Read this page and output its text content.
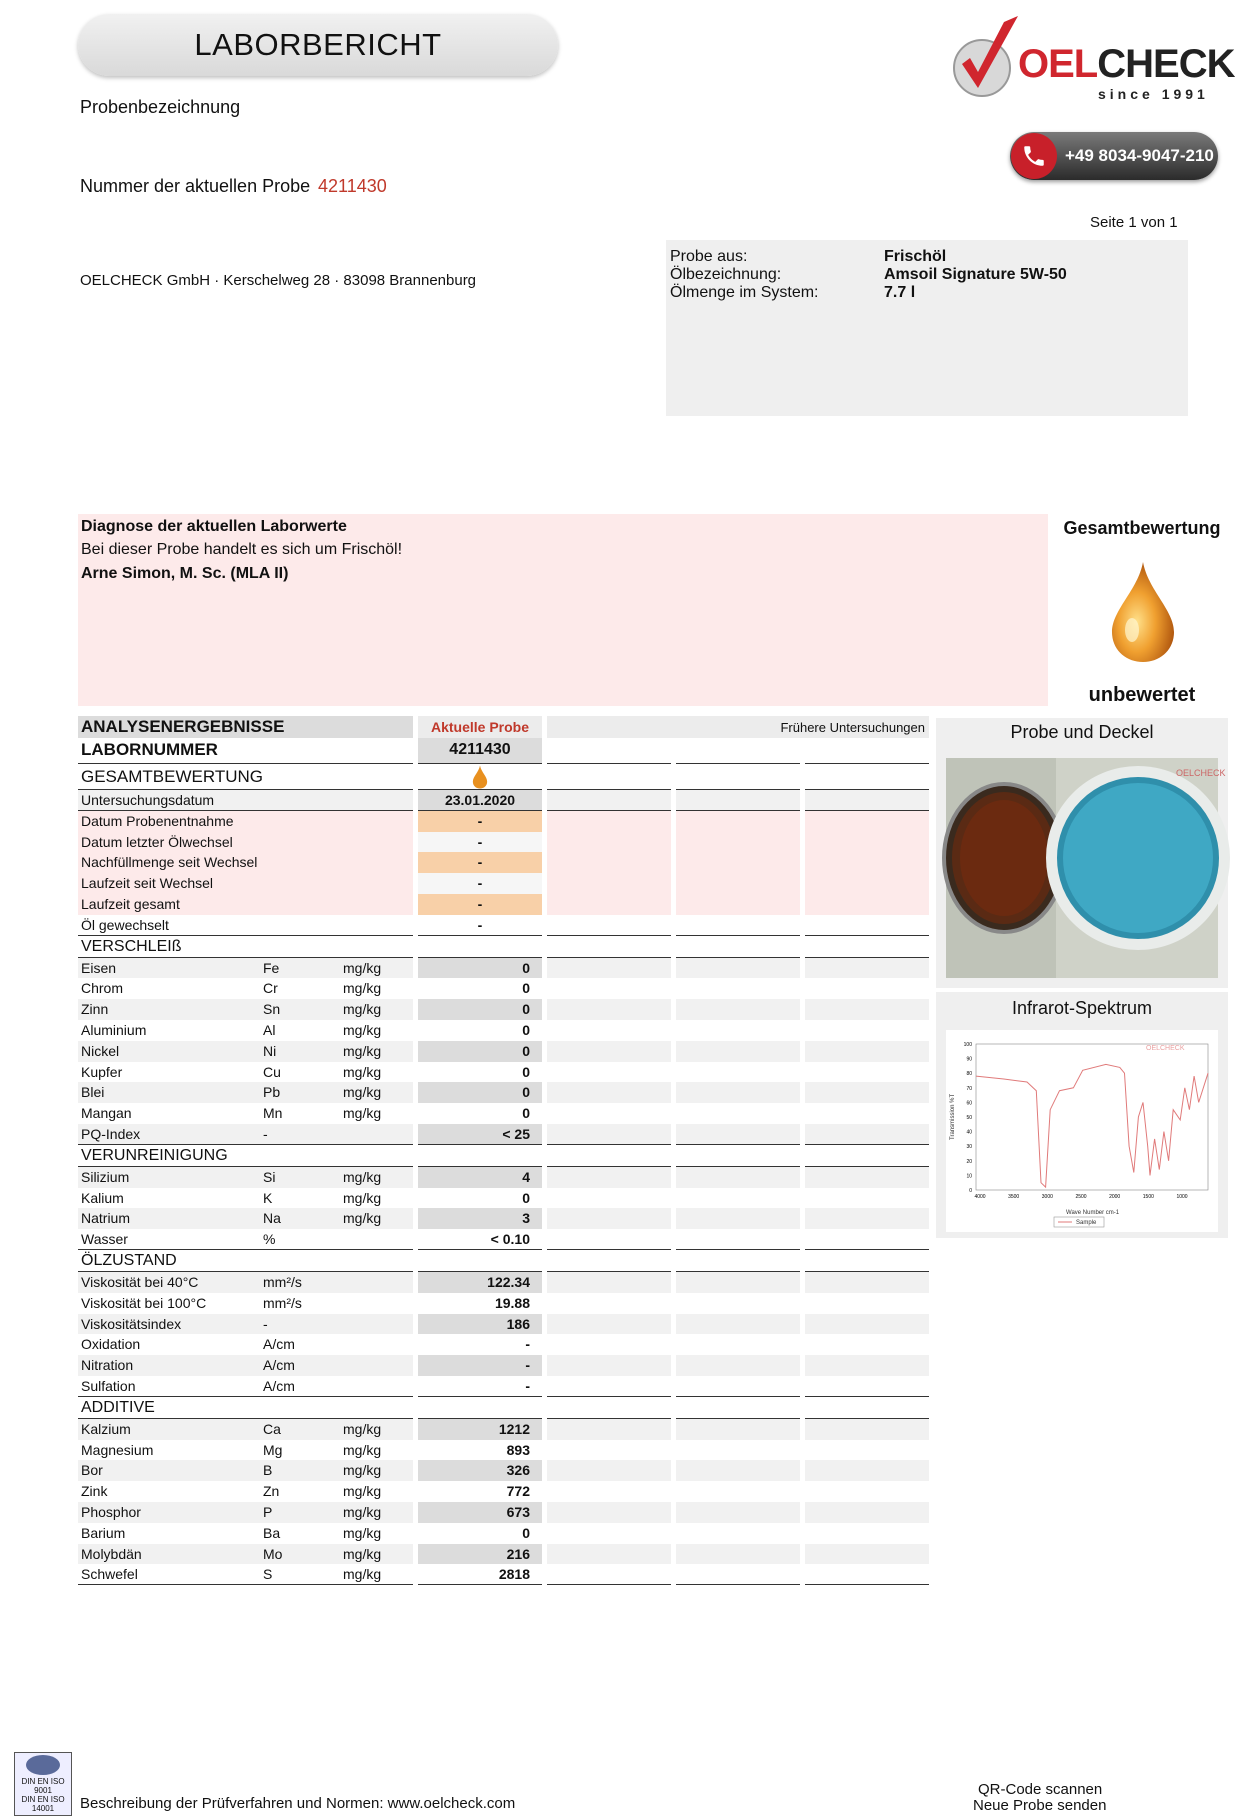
LABORBERICHT
Probenbezeichnung
Nummer der aktuellen Probe 4211430
OELCHECK GmbH · Kerschelweg 28 · 83098 Brannenburg
Seite 1 von 1
OELCHECK
since 1991
+49 8034-9047-210
Probe aus:	Frischöl
Ölbezeichnung:	Amsoil Signature 5W-50
Ölmenge im System:	7.7 l
Diagnose der aktuellen Laborwerte
Bei dieser Probe handelt es sich um Frischöl!
Arne Simon, M. Sc. (MLA II)
Gesamtbewertung
unbewertet
ANALYSENERGEBNISSE	Aktuelle Probe	Frühere Untersuchungen
LABORNUMMER	4211430
GESAMTBEWERTUNG
Untersuchungsdatum	23.01.2020
Datum Probenentnahme	-
Datum letzter Ölwechsel	-
Nachfüllmenge seit Wechsel	-
Laufzeit seit Wechsel	-
Laufzeit gesamt	-
Öl gewechselt	-
VERSCHLEIß
Eisen	Fe	mg/kg	0
Chrom	Cr	mg/kg	0
Zinn	Sn	mg/kg	0
Aluminium	Al	mg/kg	0
Nickel	Ni	mg/kg	0
Kupfer	Cu	mg/kg	0
Blei	Pb	mg/kg	0
Mangan	Mn	mg/kg	0
PQ-Index	-	< 25
VERUNREINIGUNG
Silizium	Si	mg/kg	4
Kalium	K	mg/kg	0
Natrium	Na	mg/kg	3
Wasser	%	< 0.10
ÖLZUSTAND
Viskosität bei 40°C	mm²/s	122.34
Viskosität bei 100°C	mm²/s	19.88
Viskositätsindex	-	186
Oxidation	A/cm	-
Nitration	A/cm	-
Sulfation	A/cm	-
ADDITIVE
Kalzium	Ca	mg/kg	1212
Magnesium	Mg	mg/kg	893
Bor	B	mg/kg	326
Zink	Zn	mg/kg	772
Phosphor	P	mg/kg	673
Barium	Ba	mg/kg	0
Molybdän	Mo	mg/kg	216
Schwefel	S	mg/kg	2818
Probe und Deckel
OELCHECK
Infrarot-Spektrum
Transmission %T
Wave Number cm-1
OELCHECK
Sample
100
90
80
70
60
50
40
30
20
10
0
4000	3500	3000	2500	2000	1500	1000
DIN EN ISO
9001
DIN EN ISO
14001	Beschreibung der Prüfverfahren und Normen: www.oelcheck.com
QR-Code scannen
Neue Probe senden
